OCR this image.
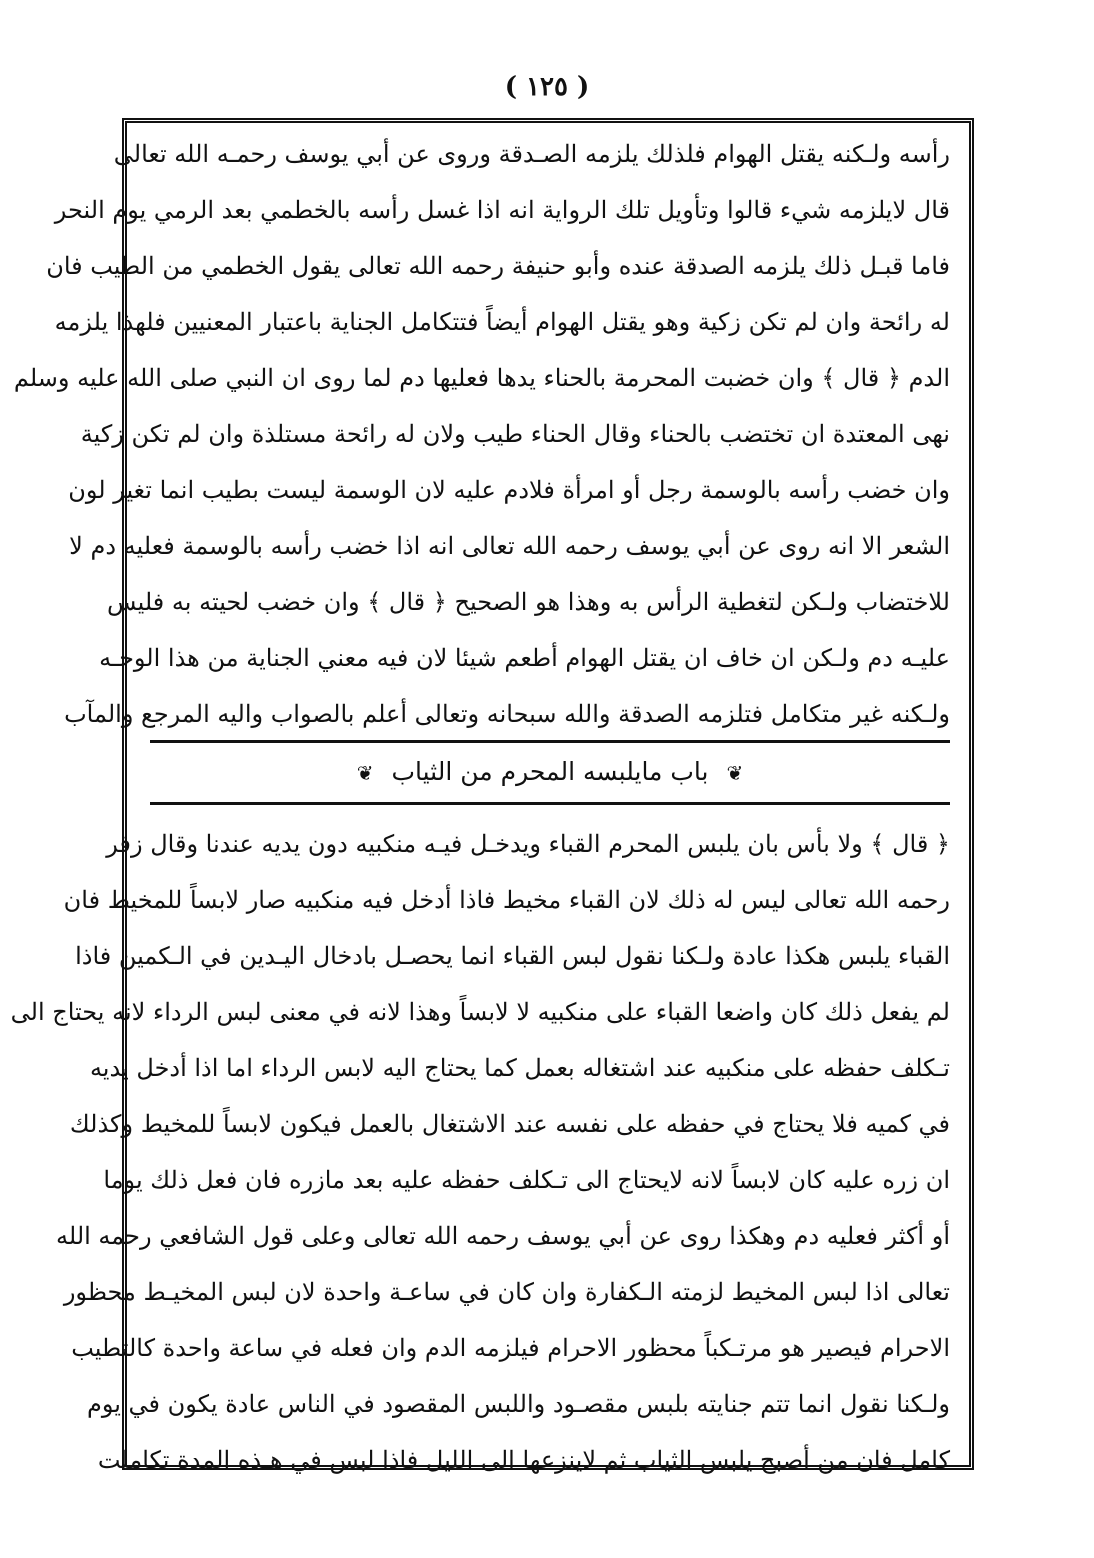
( ١٢٥ )
رأسه ولـكنه يقتل الهوام فلذلك يلزمه الصـدقة وروى عن أبي يوسف رحمـه الله تعالى
قال لايلزمه شيء قالوا وتأويل تلك الرواية انه اذا غسل رأسه بالخطمي بعد الرمي يوم النحر
فاما قبـل ذلك يلزمه الصدقة عنده وأبو حنيفة رحمه الله تعالى يقول الخطمي من الطيب فان
له رائحة وان لم تكن زكية وهو يقتل الهوام أيضاً فتتكامل الجناية باعتبار المعنيين فلهذا يلزمه
الدم ﴿ قال ﴾ وان خضبت المحرمة بالحناء يدها فعليها دم لما روى ان النبي صلى الله عليه وسلم
نهى المعتدة ان تختضب بالحناء وقال الحناء طيب ولان له رائحة مستلذة وان لم تكن زكية
وان خضب رأسه بالوسمة رجل أو امرأة فلادم عليه لان الوسمة ليست بطيب انما تغير لون
الشعر الا انه روى عن أبي يوسف رحمه الله تعالى انه اذا خضب رأسه بالوسمة فعليه دم لا
للاختضاب ولـكن لتغطية الرأس به وهذا هو الصحيح ﴿ قال ﴾ وان خضب لحيته به فليس
عليـه دم ولـكن ان خاف ان يقتل الهوام أطعم شيئا لان فيه معني الجناية من هذا الوجـه
ولـكنه غير متكامل فتلزمه الصدقة والله سبحانه وتعالى أعلم بالصواب واليه المرجع والمآب
❦ باب مايلبسه المحرم من الثياب ❦
﴿ قال ﴾ ولا بأس بان يلبس المحرم القباء ويدخـل فيـه منكبيه دون يديه عندنا وقال زفر
رحمه الله تعالى ليس له ذلك لان القباء مخيط فاذا أدخل فيه منكبيه صار لابساً للمخيط فان
القباء يلبس هكذا عادة ولـكنا نقول لبس القباء انما يحصـل بادخال اليـدين في الـكمين فاذا
لم يفعل ذلك كان واضعا القباء على منكبيه لا لابساً وهذا لانه في معنى لبس الرداء لانه يحتاج الى
تـكلف حفظه على منكبيه عند اشتغاله بعمل كما يحتاج اليه لابس الرداء اما اذا أدخل يديه
في كميه فلا يحتاج في حفظه على نفسه عند الاشتغال بالعمل فيكون لابساً للمخيط وكذلك
ان زره عليه كان لابساً لانه لايحتاج الى تـكلف حفظه عليه بعد مازره فان فعل ذلك يوما
أو أكثر فعليه دم وهكذا روى عن أبي يوسف رحمه الله تعالى وعلى قول الشافعي رحمه الله
تعالى اذا لبس المخيط لزمته الـكفارة وان كان في ساعـة واحدة لان لبس المخيـط محظور
الاحرام فيصير هو مرتـكباً محظور الاحرام فيلزمه الدم وان فعله في ساعة واحدة كالتطيب
ولـكنا نقول انما تتم جنايته بلبس مقصـود واللبس المقصود في الناس عادة يكون في يوم
كامل فان من أصبح يلبس الثياب ثم لاينزعها الى الليل فاذا لبس في هـذه المدة تكاملت
